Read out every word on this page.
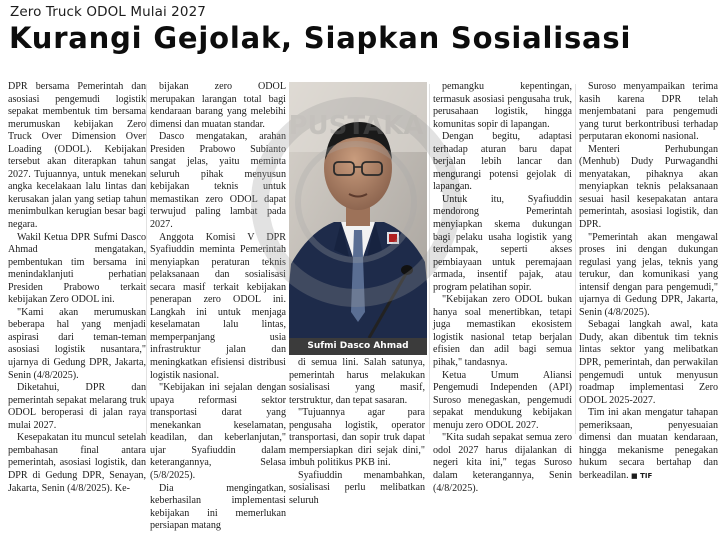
Zero Truck ODOL Mulai 2027
Kurangi Gejolak, Siapkan Sosialisasi

DPR bersama Pemerintah dan asosiasi pengemudi logistik sepakat membentuk tim bersama merumuskan kebijakan Zero Truck Over Dimension Over Loading (ODOL). Kebijakan tersebut akan diterapkan tahun 2027. Tujuannya, untuk menekan angka kecelakaan lalu lintas dan kerusakan jalan yang setiap tahun menimbulkan kerugian besar bagi negara.

Wakil Ketua DPR Sufmi Dasco Ahmad mengatakan, pembentukan tim bersama ini menindaklanjuti perhatian Presiden Prabowo terkait kebijakan Zero ODOL ini.

"Kami akan merumuskan beberapa hal yang menjadi aspirasi dari teman-teman asosiasi logistik nusantara," ujarnya di Gedung DPR, Jakarta, Senin (4/8/2025).

Diketahui, DPR dan pemerintah sepakat melarang truk ODOL beroperasi di jalan raya mulai 2027.

Kesepakatan itu muncul setelah pembahasan final antara pemerintah, asosiasi logistik, dan DPR di Gedung DPR, Senayan, Jakarta, Senin (4/8/2025). Ke-

bijakan zero ODOL merupakan larangan total bagi kendaraan barang yang melebihi dimensi dan muatan standar.

Dasco mengatakan, arahan Presiden Prabowo Subianto sangat jelas, yaitu meminta seluruh pihak menyusun kebijakan teknis untuk memastikan zero ODOL dapat terwujud paling lambat pada 2027.

Anggota Komisi V DPR Syafiuddin meminta Pemerintah menyiapkan peraturan teknis pelaksanaan dan sosialisasi secara masif terkait kebijakan penerapan zero ODOL ini. Langkah ini untuk menjaga keselamatan lalu lintas, memperpanjang usia infrastruktur jalan dan meningkatkan efisiensi distribusi logistik nasional.

"Kebijakan ini sejalan dengan upaya reformasi sektor transportasi darat yang menekankan keselamatan, keadilan, dan keberlanjutan," ujar Syafiuddin dalam keterangannya, Selasa (5/8/2025).

Dia mengingatkan, keberhasilan implementasi kebijakan ini memerlukan persiapan matang

Sufmi Dasco Ahmad
PUSTAKA

di semua lini. Salah satunya, pemerintah harus melakukan sosialisasi yang masif, terstruktur, dan tepat sasaran.

"Tujuannya agar para pengusaha logistik, operator transportasi, dan sopir truk dapat mempersiapkan diri sejak dini," imbuh politikus PKB ini.

Syafiuddin menambahkan, sosialisasi perlu melibatkan seluruh

pemangku kepentingan, termasuk asosiasi pengusaha truk, perusahaan logistik, hingga komunitas sopir di lapangan.

Dengan begitu, adaptasi terhadap aturan baru dapat berjalan lebih lancar dan mengurangi potensi gejolak di lapangan.

Untuk itu, Syafiuddin mendorong Pemerintah menyiapkan skema dukungan bagi pelaku usaha logistik yang terdampak, seperti akses pembiayaan untuk peremajaan armada, insentif pajak, atau program pelatihan sopir.

"Kebijakan zero ODOL bukan hanya soal menertibkan, tetapi juga memastikan ekosistem logistik nasional tetap berjalan efisien dan adil bagi semua pihak," tandasnya.

Ketua Umum Aliansi Pengemudi Independen (API) Suroso menegaskan, pengemudi sepakat mendukung kebijakan menuju zero ODOL 2027.

"Kita sudah sepakat semua zero odol 2027 harus dijalankan di negeri kita ini," tegas Suroso dalam keterangannya, Senin (4/8/2025).

Suroso menyampaikan terima kasih karena DPR telah menjembatani para pengemudi yang turut berkontribusi terhadap perputaran ekonomi nasional.

Menteri Perhubungan (Menhub) Dudy Purwagandhi menyatakan, pihaknya akan menyiapkan teknis pelaksanaan sesuai hasil kesepakatan antara pemerintah, asosiasi logistik, dan DPR.

"Pemerintah akan mengawal proses ini dengan dukungan regulasi yang jelas, teknis yang terukur, dan komunikasi yang intensif dengan para pengemudi," ujarnya di Gedung DPR, Jakarta, Senin (4/8/2025).

Sebagai langkah awal, kata Dudy, akan dibentuk tim teknis lintas sektor yang melibatkan DPR, pemerintah, dan perwakilan pengemudi untuk menyusun roadmap implementasi Zero ODOL 2025-2027.

Tim ini akan mengatur tahapan pemeriksaan, penyesuaian dimensi dan muatan kendaraan, hingga mekanisme penegakan hukum secara bertahap dan berkeadilan. ■ TIF
